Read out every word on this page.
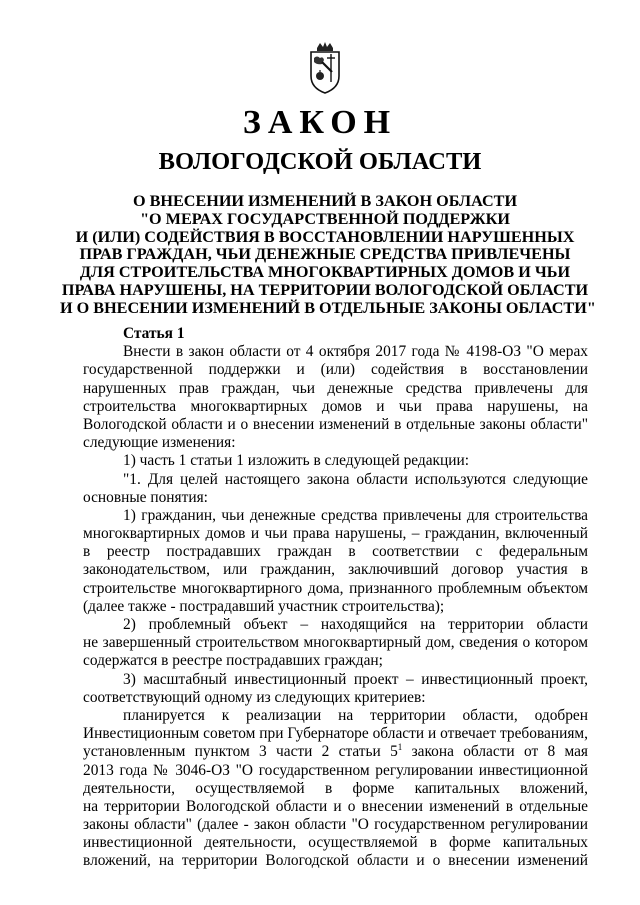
ЗАКОН
ВОЛОГОДСКОЙ ОБЛАСТИ
О ВНЕСЕНИИ ИЗМЕНЕНИЙ В ЗАКОН ОБЛАСТИ
"О МЕРАХ ГОСУДАРСТВЕННОЙ ПОДДЕРЖКИ
И (ИЛИ) СОДЕЙСТВИЯ В ВОССТАНОВЛЕНИИ НАРУШЕННЫХ
ПРАВ ГРАЖДАН, ЧЬИ ДЕНЕЖНЫЕ СРЕДСТВА ПРИВЛЕЧЕНЫ
ДЛЯ СТРОИТЕЛЬСТВА МНОГОКВАРТИРНЫХ ДОМОВ И ЧЬИ
ПРАВА НАРУШЕНЫ, НА ТЕРРИТОРИИ ВОЛОГОДСКОЙ ОБЛАСТИ
И О ВНЕСЕНИИ ИЗМЕНЕНИЙ В ОТДЕЛЬНЫЕ ЗАКОНЫ ОБЛАСТИ"
Статья 1
Внести в закон области от 4 октября 2017 года № 4198-ОЗ "О мерах
государственной поддержки и (или) содействия в восстановлении
нарушенных прав граждан, чьи денежные средства привлечены для
строительства многоквартирных домов и чьи права нарушены, на
Вологодской области и о внесении изменений в отдельные законы области"
следующие изменения:
1) часть 1 статьи 1 изложить в следующей редакции:
"1. Для целей настоящего закона области используются следующие
основные понятия:
1) гражданин, чьи денежные средства привлечены для строительства
многоквартирных домов и чьи права нарушены, – гражданин, включенный
в реестр пострадавших граждан в соответствии с федеральным
законодательством, или гражданин, заключивший договор участия в
строительстве многоквартирного дома, признанного проблемным объектом
(далее также - пострадавший участник строительства);
2) проблемный объект – находящийся на территории области
не завершенный строительством многоквартирный дом, сведения о котором
содержатся в реестре пострадавших граждан;
3) масштабный инвестиционный проект – инвестиционный проект,
соответствующий одному из следующих критериев:
планируется к реализации на территории области, одобрен
Инвестиционным советом при Губернаторе области и отвечает требованиям,
установленным пунктом 3 части 2 статьи $5^1$ закона области от 8 мая
2013 года № 3046-ОЗ "О государственном регулировании инвестиционной
деятельности, осуществляемой в форме капитальных вложений,
на территории Вологодской области и о внесении изменений в отдельные
законы области" (далее - закон области "О государственном регулировании
инвестиционной деятельности, осуществляемой в форме капитальных
вложений, на территории Вологодской области и о внесении изменений
